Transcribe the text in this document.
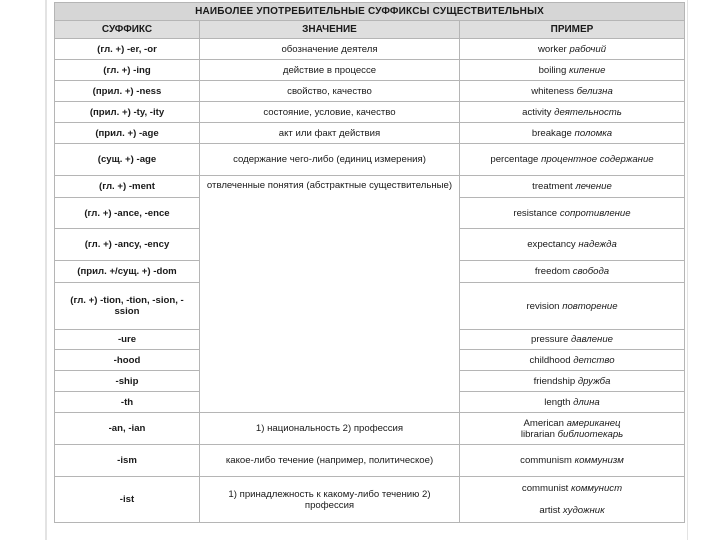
НАИБОЛЕЕ УПОТРЕБИТЕЛЬНЫЕ СУФФИКСЫ СУЩЕСТВИТЕЛЬНЫХ		
СУФФИКС	ЗНАЧЕНИЕ	ПРИМЕР
(гл. +) -er, -or	обозначение деятеля	worker рабочий
(гл. +) -ing	действие в процессе	boiling кипение
(прил. +) -ness	свойство, качество	whiteness белизна
(прил. +) -ty, -ity	состояние, условие, качество	activity деятельность
(прил. +) -age	акт или факт действия	breakage поломка
(сущ. +) -age	содержание чего-либо (единиц измерения)	percentage процентное содержание
(гл. +) -ment	отвлеченные понятия (абстрактные существительные)	treatment лечение
(гл. +) -ance, -ence		resistance сопротивление
(гл. +) -ancy, -ency		expectancy надежда
(прил. +/сущ. +) -dom		freedom свобода
(гл. +) -tion, -tion, -sion, -ssion		revision повторение
-ure		pressure давление
-hood		childhood детство
-ship		friendship дружба
-th		length длина
-an, -ian	1) национальность 2) профессия	American американец
librarian библиотекарь
-ism	какое-либо течение (например, политическое)	communism коммунизм
-ist	1) принадлежность к какому-либо течению 2) профессия	communist коммунист

artist художник
